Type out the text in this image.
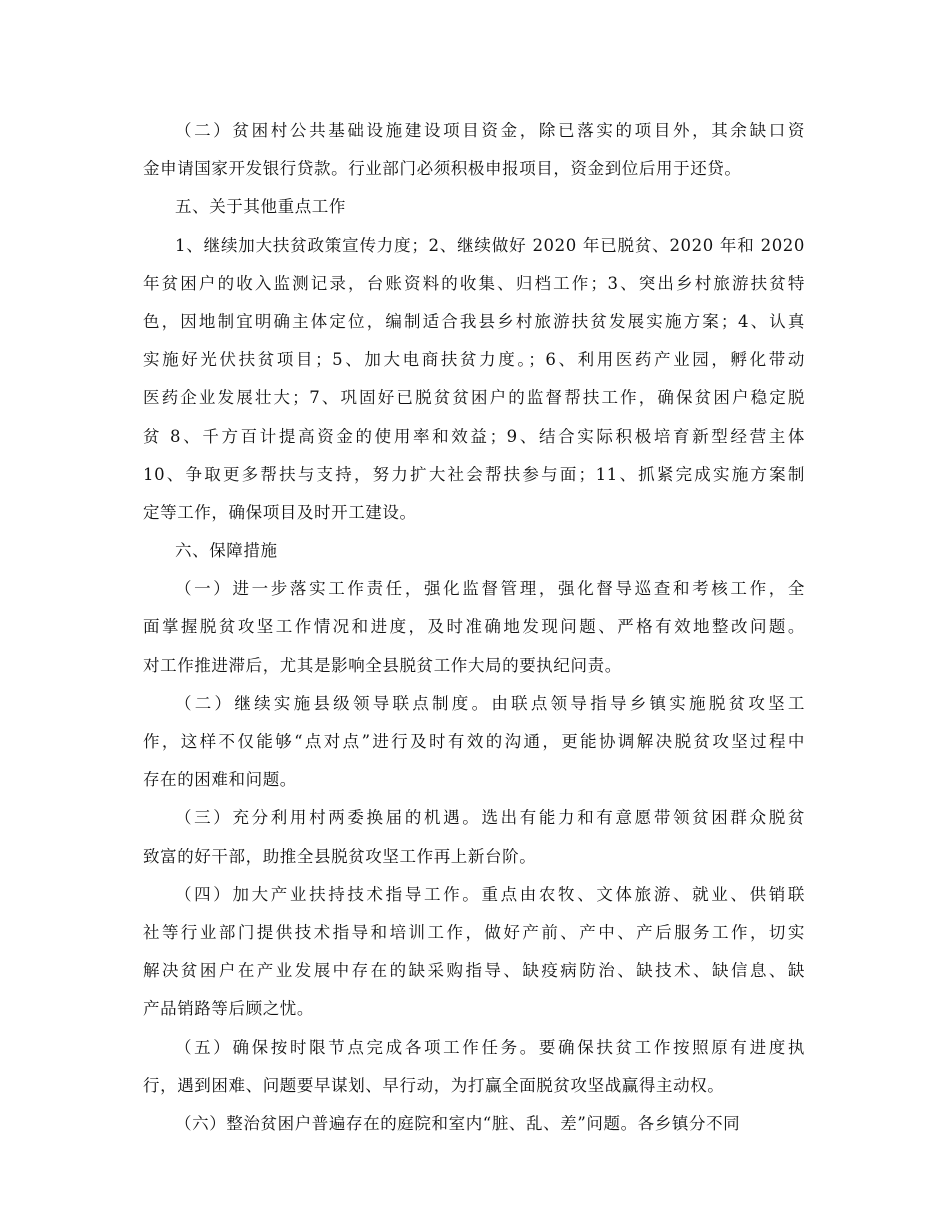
（二）贫困村公共基础设施建设项目资金，除已落实的项目外，其余缺口资
金申请国家开发银行贷款。行业部门必须积极申报项目，资金到位后用于还贷。
五、关于其他重点工作
1、继续加大扶贫政策宣传力度；2、继续做好 2020 年已脱贫、2020 年和 2020
年贫困户的收入监测记录，台账资料的收集、归档工作；3、突出乡村旅游扶贫特
色，因地制宜明确主体定位，编制适合我县乡村旅游扶贫发展实施方案；4、认真
实施好光伏扶贫项目；5、加大电商扶贫力度。；6、利用医药产业园，孵化带动
医药企业发展壮大；7、巩固好已脱贫贫困户的监督帮扶工作，确保贫困户稳定脱
贫 8、千方百计提高资金的使用率和效益；9、结合实际积极培育新型经营主体
10、争取更多帮扶与支持，努力扩大社会帮扶参与面；11、抓紧完成实施方案制
定等工作，确保项目及时开工建设。
六、保障措施
（一）进一步落实工作责任，强化监督管理，强化督导巡查和考核工作，全
面掌握脱贫攻坚工作情况和进度，及时准确地发现问题、严格有效地整改问题。
对工作推进滞后，尤其是影响全县脱贫工作大局的要执纪问责。
（二）继续实施县级领导联点制度。由联点领导指导乡镇实施脱贫攻坚工
作，这样不仅能够“点对点”进行及时有效的沟通，更能协调解决脱贫攻坚过程中
存在的困难和问题。
（三）充分利用村两委换届的机遇。选出有能力和有意愿带领贫困群众脱贫
致富的好干部，助推全县脱贫攻坚工作再上新台阶。
（四）加大产业扶持技术指导工作。重点由农牧、文体旅游、就业、供销联
社等行业部门提供技术指导和培训工作，做好产前、产中、产后服务工作，切实
解决贫困户在产业发展中存在的缺采购指导、缺疫病防治、缺技术、缺信息、缺
产品销路等后顾之忧。
（五）确保按时限节点完成各项工作任务。要确保扶贫工作按照原有进度执
行，遇到困难、问题要早谋划、早行动，为打赢全面脱贫攻坚战赢得主动权。
（六）整治贫困户普遍存在的庭院和室内“脏、乱、差”问题。各乡镇分不同
